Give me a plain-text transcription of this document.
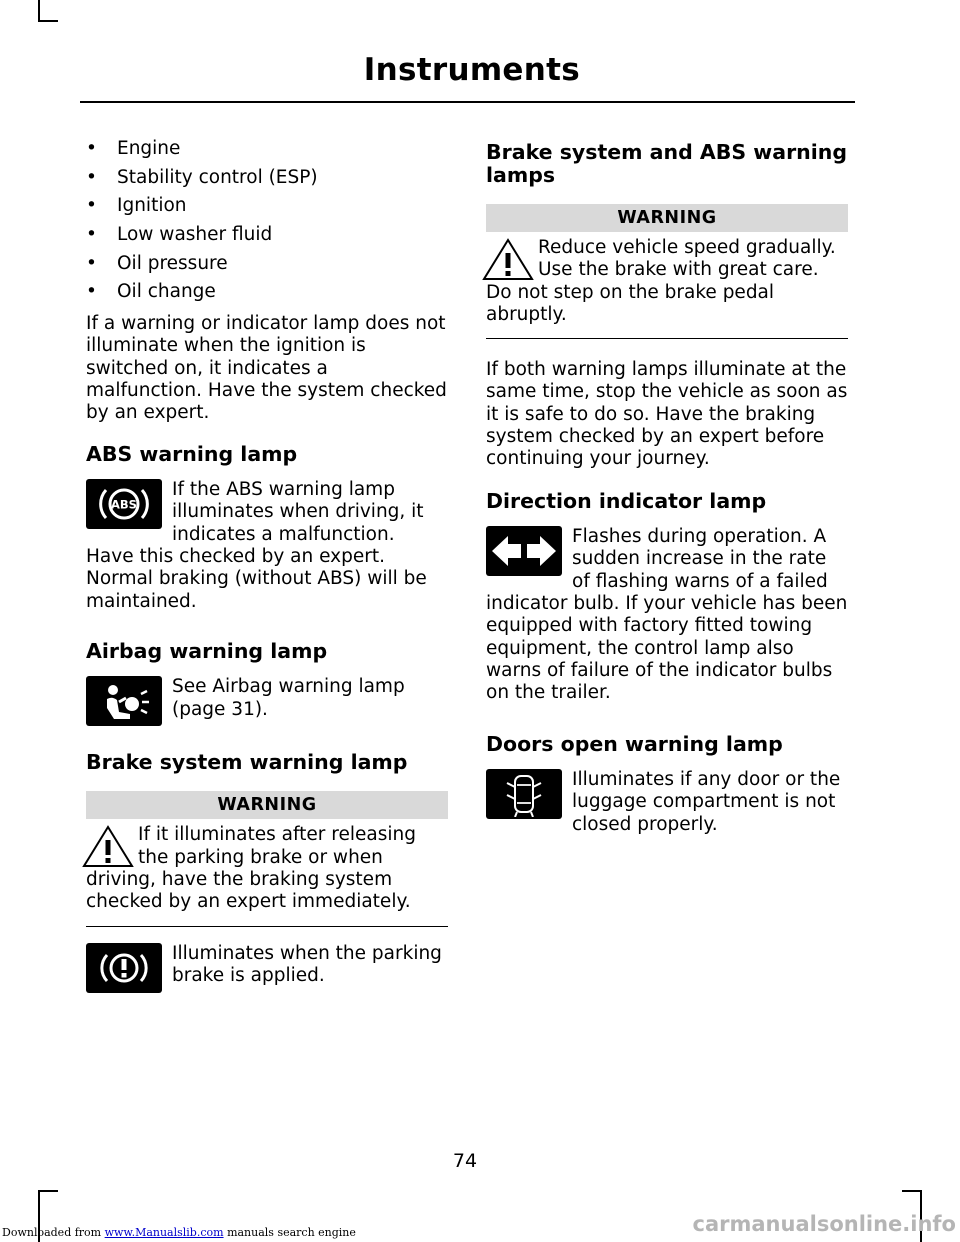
Instruments
• Engine
• Stability control (ESP)
• Ignition
• Low washer fluid
• Oil pressure
• Oil change

If a warning or indicator lamp does not illuminate when the ignition is switched on, it indicates a malfunction. Have the system checked by an expert.

ABS warning lamp
ABS

If the ABS warning lamp illuminates when driving, it indicates a malfunction. Have this checked by an expert. Normal braking (without ABS) will be maintained.

Airbag warning lamp

See Airbag warning lamp (page 31).

Brake system warning lamp
WARNING

If it illuminates after releasing the parking brake or when driving, have the braking system checked by an expert immediately.

Illuminates when the parking brake is applied.

Brake system and ABS warning lamps
WARNING

Reduce vehicle speed gradually. Use the brake with great care. Do not step on the brake pedal abruptly.

If both warning lamps illuminate at the same time, stop the vehicle as soon as it is safe to do so. Have the braking system checked by an expert before continuing your journey.

Direction indicator lamp

Flashes during operation. A sudden increase in the rate of flashing warns of a failed indicator bulb. If your vehicle has been equipped with factory fitted towing equipment, the control lamp also warns of failure of the indicator bulbs on the trailer.

Doors open warning lamp

Illuminates if any door or the luggage compartment is not closed properly.

74
Downloaded from www.Manualslib.com manuals search engine	carmanualsonline.info
